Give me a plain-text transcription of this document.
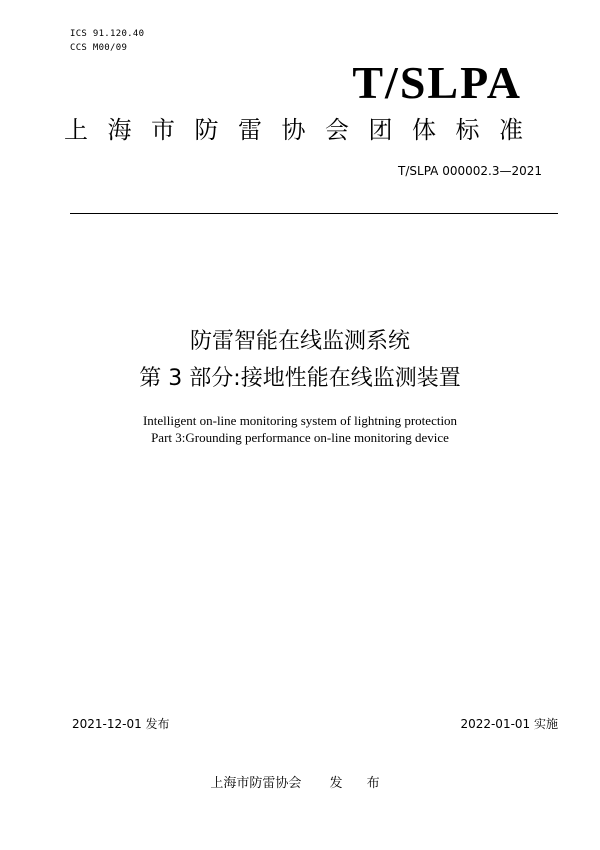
ICS 91.120.40
CCS M00/09
T/SLPA
上海市防雷协会团体标准
T/SLPA 000002.3—2021
防雷智能在线监测系统
第 3 部分:接地性能在线监测装置
Intelligent on-line monitoring system of lightning protection
Part 3:Grounding performance on-line monitoring device
2021-12-01 发布	2022-01-01 实施
上海市防雷协会 发 布
